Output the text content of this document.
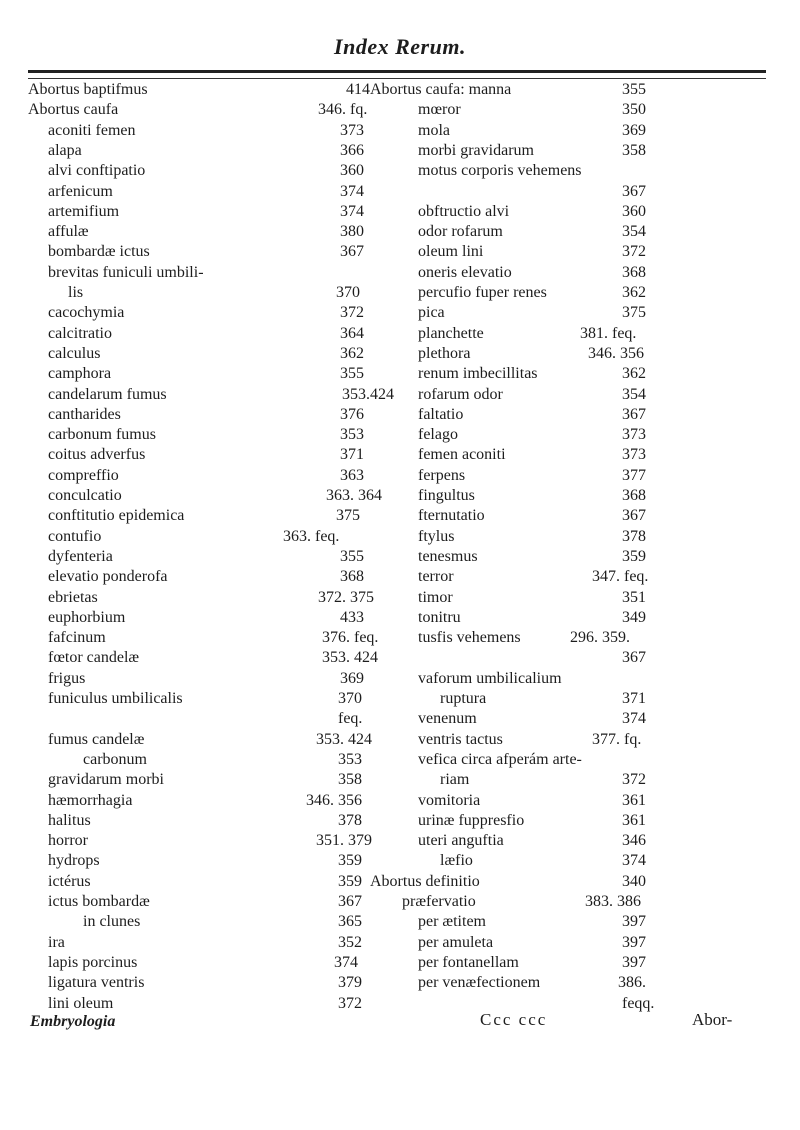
Index Rerum.
Abortus baptifmus	414
Abortus caufa	346. fq.
aconiti femen	373
alapa	366
alvi conftipatio	360
arfenicum	374
artemifium	374
affulæ	380
bombardæ ictus	367
brevitas funiculi umbili-
lis	370
cacochymia	372
calcitratio	364
calculus	362
camphora	355
candelarum fumus	353.424
cantharides	376
carbonum fumus	353
coitus adverfus	371
compreffio	363
conculcatio	363. 364
conftitutio epidemica	375
contufio	363. feq.
dyfenteria	355
elevatio ponderofa	368
ebrietas	372. 375
euphorbium	433
fafcinum	376. feq.
fœtor candelæ	353. 424
frigus	369
funiculus umbilicalis	370
feq.
fumus candelæ	353. 424
carbonum	353
gravidarum morbi	358
hæmorrhagia	346. 356
halitus	378
horror	351. 379
hydrops	359
ictérus	359
ictus bombardæ	367
in clunes	365
ira	352
lapis porcinus	374
ligatura ventris	379
lini oleum	372
Abortus caufa: manna	355
mœror	350
mola	369
morbi gravidarum	358
motus corporis vehemens
367
obftructio alvi	360
odor rofarum	354
oleum lini	372
oneris elevatio	368
percufio fuper renes	362
pica	375
planchette	381. feq.
plethora	346. 356
renum imbecillitas	362
rofarum odor	354
faltatio	367
felago	373
femen aconiti	373
ferpens	377
fingultus	368
fternutatio	367
ftylus	378
tenesmus	359
terror	347. feq.
timor	351
tonitru	349
tusfis vehemens	296. 359.
367
vaforum umbilicalium
ruptura	371
venenum	374
ventris tactus	377. fq.
vefica circa afperám arte-
riam	372
vomitoria	361
urinæ fuppresfio	361
uteri anguftia	346
læfio	374
Abortus definitio	340
præfervatio	383. 386
per ætitem	397
per amuleta	397
per fontanellam	397
per venæfectionem	386.
feqq.
Embryologia	Ccc ccc	Abor-
